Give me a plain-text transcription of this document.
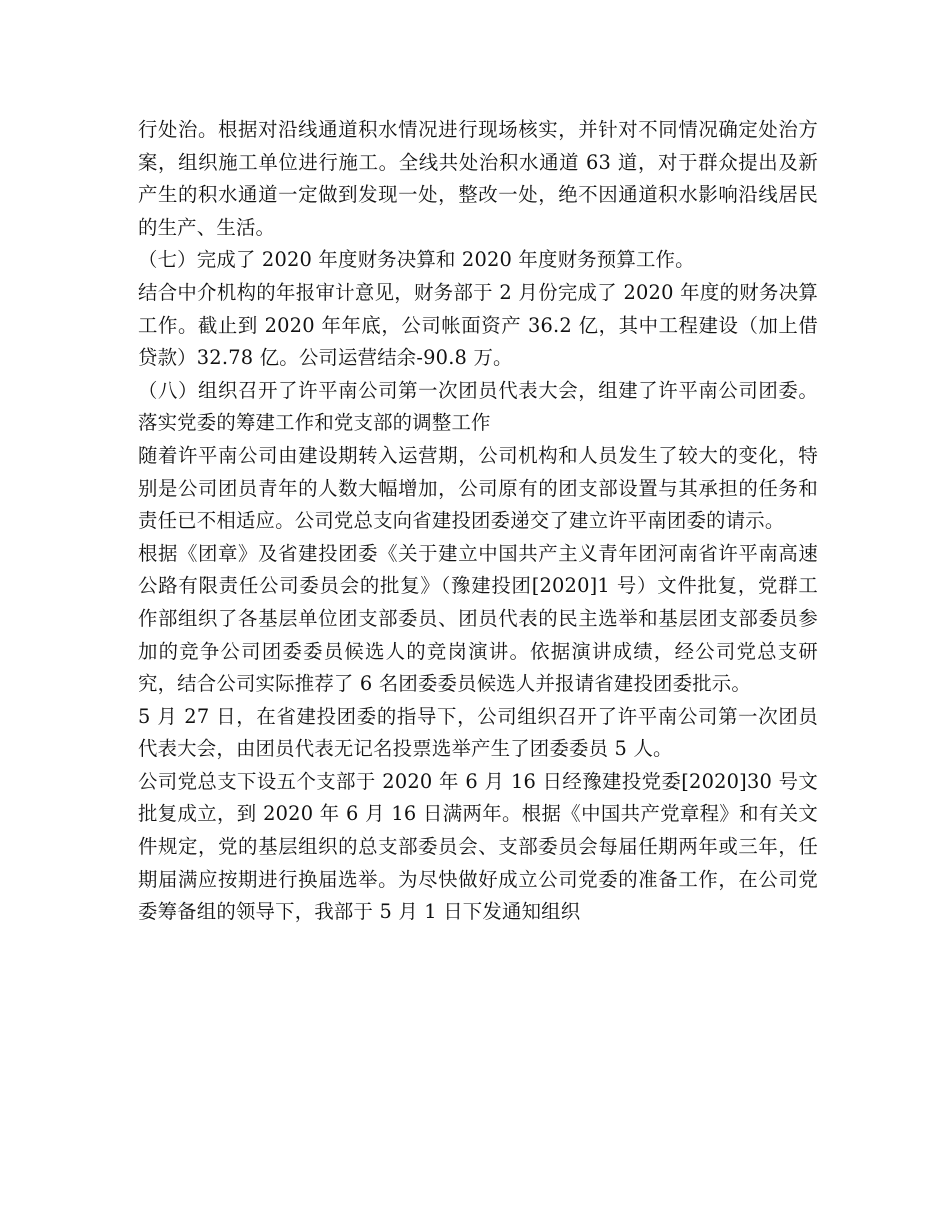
行处治。根据对沿线通道积水情况进行现场核实，并针对不同情况确定处治方案，组织施工单位进行施工。全线共处治积水通道 63 道，对于群众提出及新产生的积水通道一定做到发现一处，整改一处，绝不因通道积水影响沿线居民的生产、生活。

（七）完成了 2020 年度财务决算和 2020 年度财务预算工作。

结合中介机构的年报审计意见，财务部于 2 月份完成了 2020 年度的财务决算工作。截止到 2020 年年底，公司帐面资产 36.2 亿，其中工程建设（加上借贷款）32.78 亿。公司运营结余-90.8 万。

（八）组织召开了许平南公司第一次团员代表大会，组建了许平南公司团委。落实党委的筹建工作和党支部的调整工作

随着许平南公司由建设期转入运营期，公司机构和人员发生了较大的变化，特别是公司团员青年的人数大幅增加，公司原有的团支部设置与其承担的任务和责任已不相适应。公司党总支向省建投团委递交了建立许平南团委的请示。

根据《团章》及省建投团委《关于建立中国共产主义青年团河南省许平南高速公路有限责任公司委员会的批复》（豫建投团[2020]1 号）文件批复，党群工作部组织了各基层单位团支部委员、团员代表的民主选举和基层团支部委员参加的竞争公司团委委员候选人的竞岗演讲。依据演讲成绩，经公司党总支研究，结合公司实际推荐了 6 名团委委员候选人并报请省建投团委批示。

5 月 27 日，在省建投团委的指导下，公司组织召开了许平南公司第一次团员代表大会，由团员代表无记名投票选举产生了团委委员 5 人。

公司党总支下设五个支部于 2020 年 6 月 16 日经豫建投党委[2020]30 号文批复成立，到 2020 年 6 月 16 日满两年。根据《中国共产党章程》和有关文件规定，党的基层组织的总支部委员会、支部委员会每届任期两年或三年，任期届满应按期进行换届选举。为尽快做好成立公司党委的准备工作，在公司党委筹备组的领导下，我部于 5 月 1 日下发通知组织
